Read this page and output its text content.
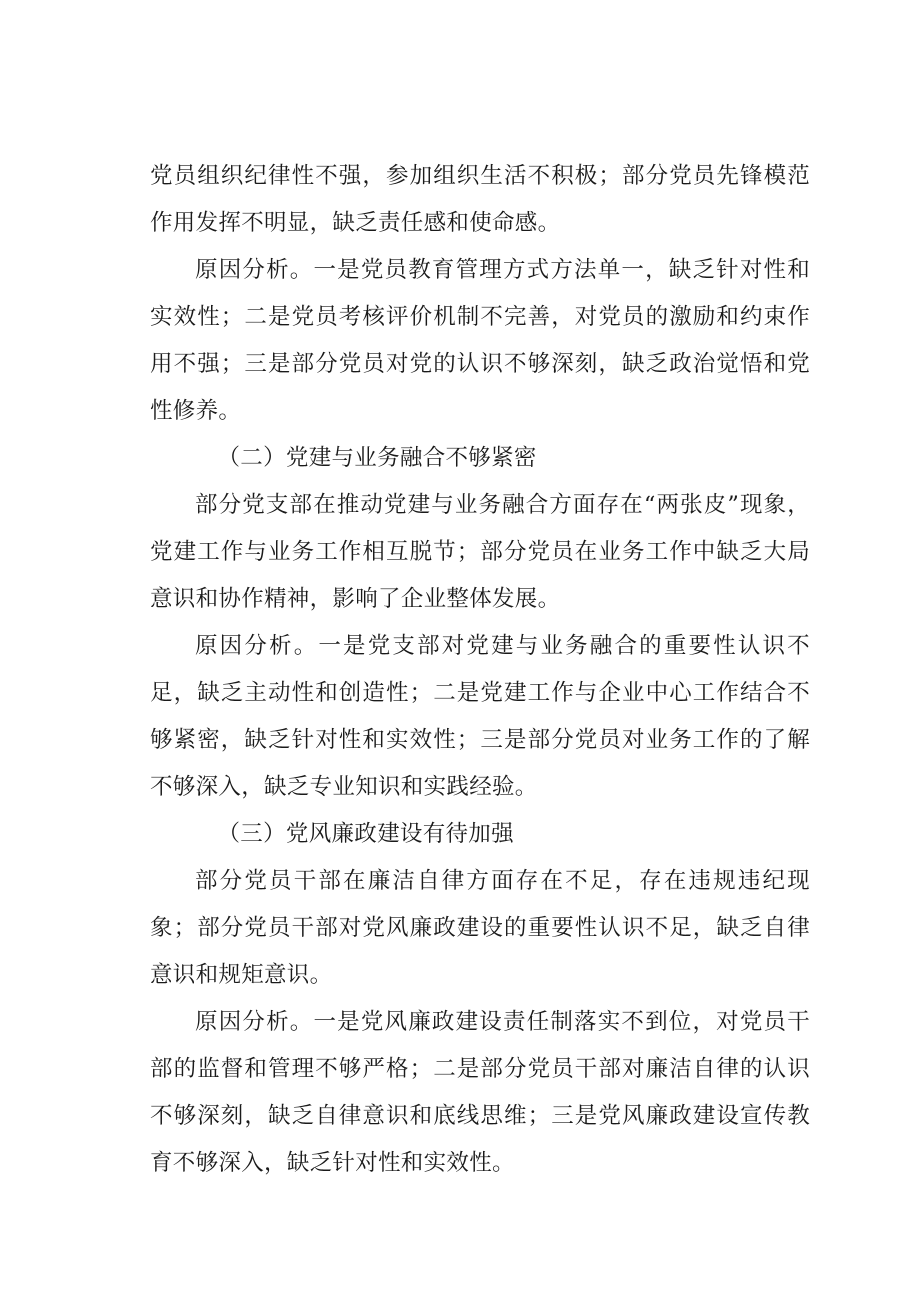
党员组织纪律性不强，参加组织生活不积极；部分党员先锋模范作用发挥不明显，缺乏责任感和使命感。

原因分析。一是党员教育管理方式方法单一，缺乏针对性和实效性；二是党员考核评价机制不完善，对党员的激励和约束作用不强；三是部分党员对党的认识不够深刻，缺乏政治觉悟和党性修养。

（二）党建与业务融合不够紧密

部分党支部在推动党建与业务融合方面存在“两张皮”现象，党建工作与业务工作相互脱节；部分党员在业务工作中缺乏大局意识和协作精神，影响了企业整体发展。

原因分析。一是党支部对党建与业务融合的重要性认识不足，缺乏主动性和创造性；二是党建工作与企业中心工作结合不够紧密，缺乏针对性和实效性；三是部分党员对业务工作的了解不够深入，缺乏专业知识和实践经验。

（三）党风廉政建设有待加强

部分党员干部在廉洁自律方面存在不足，存在违规违纪现象；部分党员干部对党风廉政建设的重要性认识不足，缺乏自律意识和规矩意识。

原因分析。一是党风廉政建设责任制落实不到位，对党员干部的监督和管理不够严格；二是部分党员干部对廉洁自律的认识不够深刻，缺乏自律意识和底线思维；三是党风廉政建设宣传教育不够深入，缺乏针对性和实效性。
